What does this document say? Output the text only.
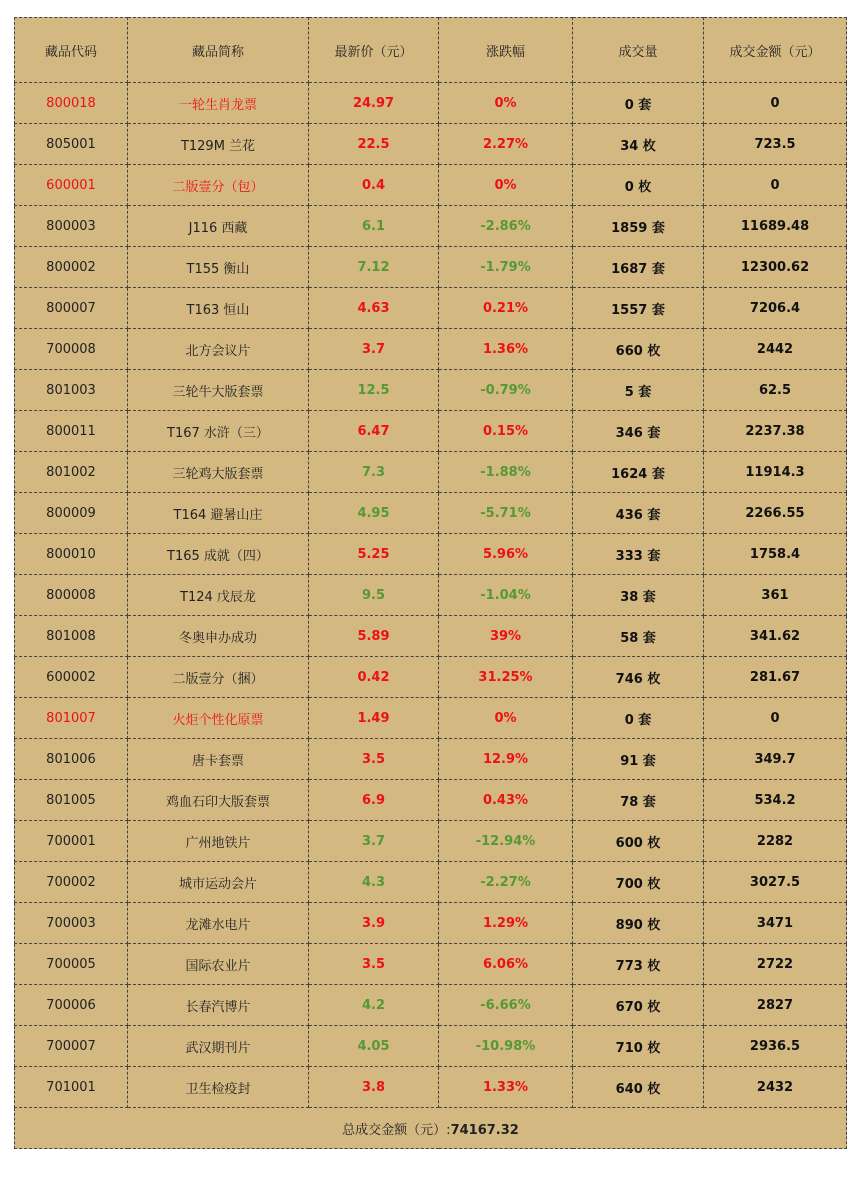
藏品代码	藏品简称	最新价（元）	涨跌幅	成交量	成交金额（元）
800018	一轮生肖龙票	24.97	0%	0 套	0
805001	T129M 兰花	22.5	2.27%	34 枚	723.5
600001	二版壹分（包）	0.4	0%	0 枚	0
800003	J116 西藏	6.1	-2.86%	1859 套	11689.48
800002	T155 衡山	7.12	-1.79%	1687 套	12300.62
800007	T163 恒山	4.63	0.21%	1557 套	7206.4
700008	北方会议片	3.7	1.36%	660 枚	2442
801003	三轮牛大版套票	12.5	-0.79%	5 套	62.5
800011	T167 水浒（三）	6.47	0.15%	346 套	2237.38
801002	三轮鸡大版套票	7.3	-1.88%	1624 套	11914.3
800009	T164 避暑山庄	4.95	-5.71%	436 套	2266.55
800010	T165 成就（四）	5.25	5.96%	333 套	1758.4
800008	T124 戊辰龙	9.5	-1.04%	38 套	361
801008	冬奥申办成功	5.89	39%	58 套	341.62
600002	二版壹分（捆）	0.42	31.25%	746 枚	281.67
801007	火炬个性化原票	1.49	0%	0 套	0
801006	唐卡套票	3.5	12.9%	91 套	349.7
801005	鸡血石印大版套票	6.9	0.43%	78 套	534.2
700001	广州地铁片	3.7	-12.94%	600 枚	2282
700002	城市运动会片	4.3	-2.27%	700 枚	3027.5
700003	龙滩水电片	3.9	1.29%	890 枚	3471
700005	国际农业片	3.5	6.06%	773 枚	2722
700006	长春汽博片	4.2	-6.66%	670 枚	2827
700007	武汉期刊片	4.05	-10.98%	710 枚	2936.5
701001	卫生检疫封	3.8	1.33%	640 枚	2432
总成交金额（元）:74167.32					
